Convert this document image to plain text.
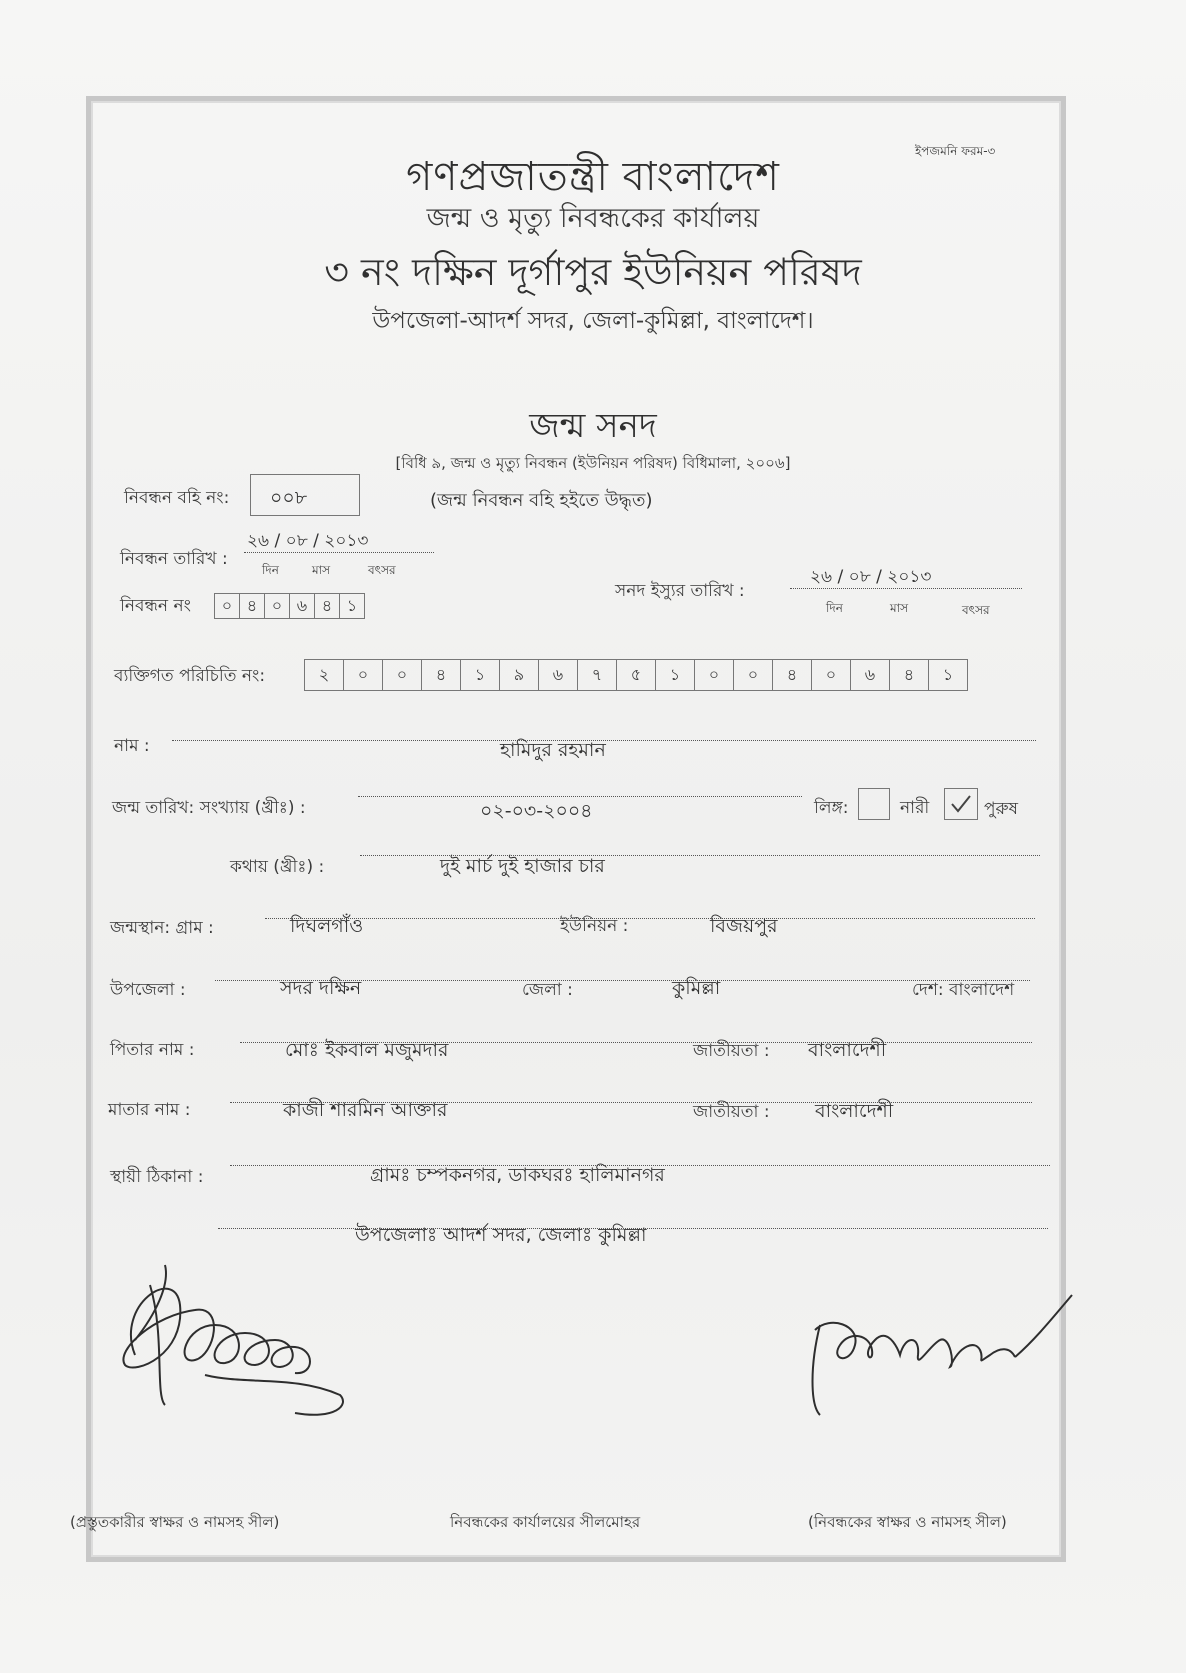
ইপজমনি ফরম-৩
গণপ্রজাতন্ত্রী বাংলাদেশ
জন্ম ও মৃত্যু নিবন্ধকের কার্যালয়
৩ নং দক্ষিন দূর্গাপুর ইউনিয়ন পরিষদ
উপজেলা-আদর্শ সদর, জেলা-কুমিল্লা, বাংলাদেশ।
জন্ম সনদ
[বিধি ৯, জন্ম ও মৃত্যু নিবন্ধন (ইউনিয়ন পরিষদ) বিধিমালা, ২০০৬]
নিবন্ধন বহি নং: ০০৮	(জন্ম নিবন্ধন বহি হইতে উদ্ধৃত)
নিবন্ধন তারিখ :
২৬ / ০৮ / ২০১৩
দিন	মাস	বৎসর
নিবন্ধন নং	০ ৪ ০ ৬ ৪ ১
সনদ ইস্যুর তারিখ :
২৬ / ০৮ / ২০১৩
দিন	মাস	বৎসর
ব্যক্তিগত পরিচিতি নং:	২	০	০	৪	১	৯	৬	৭	৫	১	০	০	৪	০	৬	৪	১
নাম :	হামিদুর রহমান
জন্ম তারিখ: সংখ্যায় (খ্রীঃ) :	০২-০৩-২০০৪	লিঙ্গ:	নারী	পুরুষ
কথায় (খ্রীঃ) :	দুই মার্চ দুই হাজার চার
জন্মস্থান: গ্রাম :	দিঘলগাঁও	ইউনিয়ন :	বিজয়পুর
উপজেলা :	সদর দক্ষিন	জেলা :	কুমিল্লা	দেশ: বাংলাদেশ
পিতার নাম :	মোঃ ইকবাল মজুমদার	জাতীয়তা : বাংলাদেশী
মাতার নাম :	কাজী শারমিন আক্তার	জাতীয়তা : বাংলাদেশী
স্থায়ী ঠিকানা :	গ্রামঃ চম্পকনগর, ডাকঘরঃ হালিমানগর
উপজেলাঃ আদর্শ সদর, জেলাঃ কুমিল্লা
(প্রস্তুতকারীর স্বাক্ষর ও নামসহ সীল)	নিবন্ধকের কার্যালয়ের সীলমোহর	(নিবন্ধকের স্বাক্ষর ও নামসহ সীল)
